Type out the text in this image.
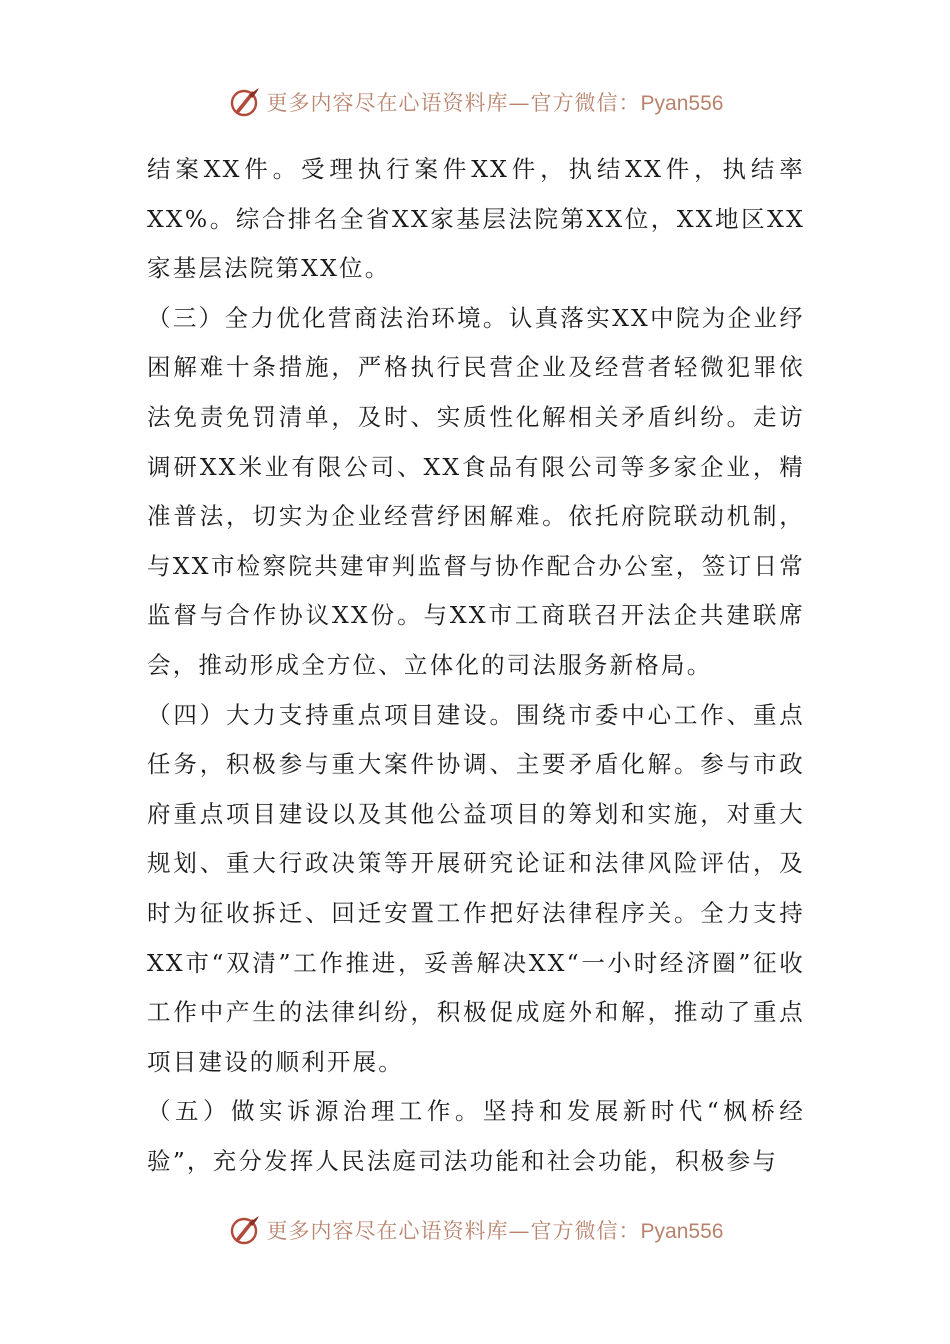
更多内容尽在心语资料库—官方微信：Pyan556

结案XX件。受理执行案件XX件，执结XX件，执结率XX%。综合排名全省XX家基层法院第XX位，XX地区XX家基层法院第XX位。

（三）全力优化营商法治环境。认真落实XX中院为企业纾困解难十条措施，严格执行民营企业及经营者轻微犯罪依法免责免罚清单，及时、实质性化解相关矛盾纠纷。走访调研XX米业有限公司、XX食品有限公司等多家企业，精准普法，切实为企业经营纾困解难。依托府院联动机制，与XX市检察院共建审判监督与协作配合办公室，签订日常监督与合作协议XX份。与XX市工商联召开法企共建联席会，推动形成全方位、立体化的司法服务新格局。

（四）大力支持重点项目建设。围绕市委中心工作、重点任务，积极参与重大案件协调、主要矛盾化解。参与市政府重点项目建设以及其他公益项目的筹划和实施，对重大规划、重大行政决策等开展研究论证和法律风险评估，及时为征收拆迁、回迁安置工作把好法律程序关。全力支持XX市“双清”工作推进，妥善解决XX“一小时经济圈”征收工作中产生的法律纠纷，积极促成庭外和解，推动了重点项目建设的顺利开展。

（五）做实诉源治理工作。坚持和发展新时代“枫桥经验”，充分发挥人民法庭司法功能和社会功能，积极参与

更多内容尽在心语资料库—官方微信：Pyan556
